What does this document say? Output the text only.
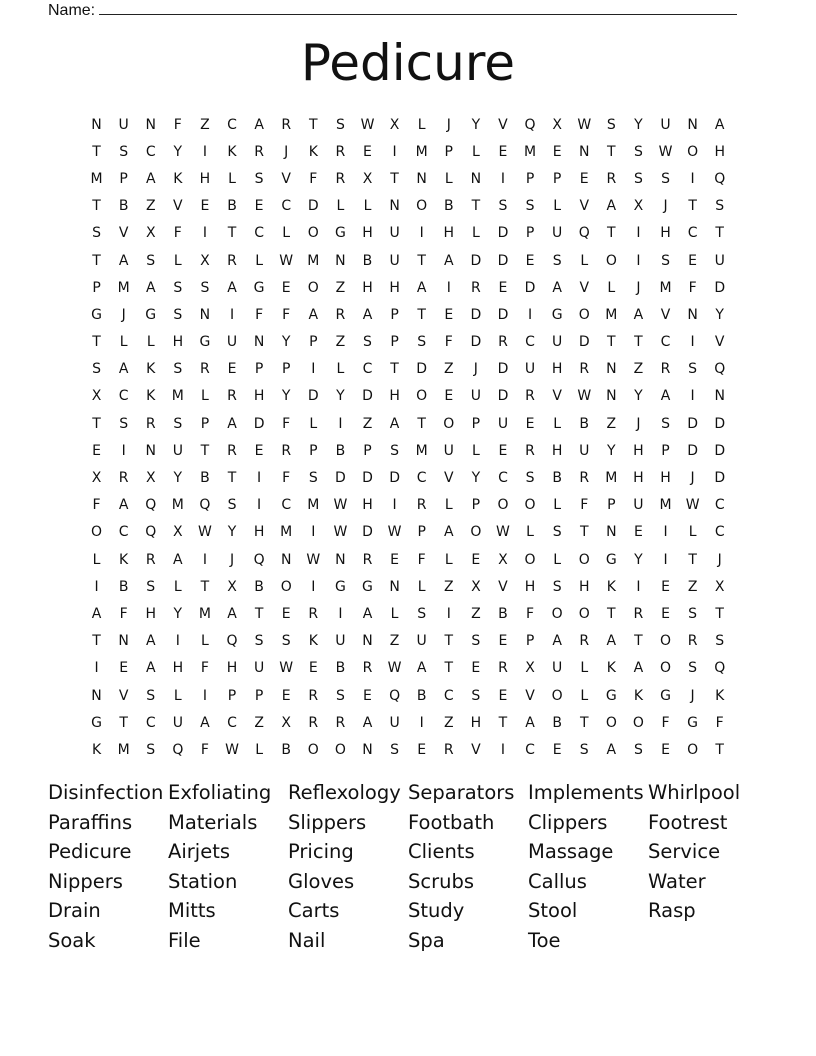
Name:
Pedicure
N	U	N	F	Z	C	A	R	T	S	W	X	L	J	Y	V	Q	X	W	S	Y	U	N	A
T	S	C	Y	I	K	R	J	K	R	E	I	M	P	L	E	M	E	N	T	S	W	O	H
M	P	A	K	H	L	S	V	F	R	X	T	N	L	N	I	P	P	E	R	S	S	I	Q
T	B	Z	V	E	B	E	C	D	L	L	N	O	B	T	S	S	L	V	A	X	J	T	S
S	V	X	F	I	T	C	L	O	G	H	U	I	H	L	D	P	U	Q	T	I	H	C	T
T	A	S	L	X	R	L	W	M	N	B	U	T	A	D	D	E	S	L	O	I	S	E	U
P	M	A	S	S	A	G	E	O	Z	H	H	A	I	R	E	D	A	V	L	J	M	F	D
G	J	G	S	N	I	F	F	A	R	A	P	T	E	D	D	I	G	O	M	A	V	N	Y
T	L	L	H	G	U	N	Y	P	Z	S	P	S	F	D	R	C	U	D	T	T	C	I	V
S	A	K	S	R	E	P	P	I	L	C	T	D	Z	J	D	U	H	R	N	Z	R	S	Q
X	C	K	M	L	R	H	Y	D	Y	D	H	O	E	U	D	R	V	W	N	Y	A	I	N
T	S	R	S	P	A	D	F	L	I	Z	A	T	O	P	U	E	L	B	Z	J	S	D	D
E	I	N	U	T	R	E	R	P	B	P	S	M	U	L	E	R	H	U	Y	H	P	D	D
X	R	X	Y	B	T	I	F	S	D	D	D	C	V	Y	C	S	B	R	M	H	H	J	D
F	A	Q	M	Q	S	I	C	M	W	H	I	R	L	P	O	O	L	F	P	U	M	W	C
O	C	Q	X	W	Y	H	M	I	W	D	W	P	A	O	W	L	S	T	N	E	I	L	C
L	K	R	A	I	J	Q	N	W	N	R	E	F	L	E	X	O	L	O	G	Y	I	T	J
I	B	S	L	T	X	B	O	I	G	G	N	L	Z	X	V	H	S	H	K	I	E	Z	X
A	F	H	Y	M	A	T	E	R	I	A	L	S	I	Z	B	F	O	O	T	R	E	S	T
T	N	A	I	L	Q	S	S	K	U	N	Z	U	T	S	E	P	A	R	A	T	O	R	S
I	E	A	H	F	H	U	W	E	B	R	W	A	T	E	R	X	U	L	K	A	O	S	Q
N	V	S	L	I	P	P	E	R	S	E	Q	B	C	S	E	V	O	L	G	K	G	J	K
G	T	C	U	A	C	Z	X	R	R	A	U	I	Z	H	T	A	B	T	O	O	F	G	F
K	M	S	Q	F	W	L	B	O	O	N	S	E	R	V	I	C	E	S	A	S	E	O	T
Disinfection Exfoliating Reflexology Separators Implements Whirlpool
Paraffins	Materials	Slippers	Footbath	Clippers	Footrest
Pedicure	Airjets	Pricing	Clients	Massage	Service
Nippers	Station	Gloves	Scrubs	Callus	Water
Drain	Mitts	Carts	Study	Stool	Rasp
Soak	File	Nail	Spa	Toe
